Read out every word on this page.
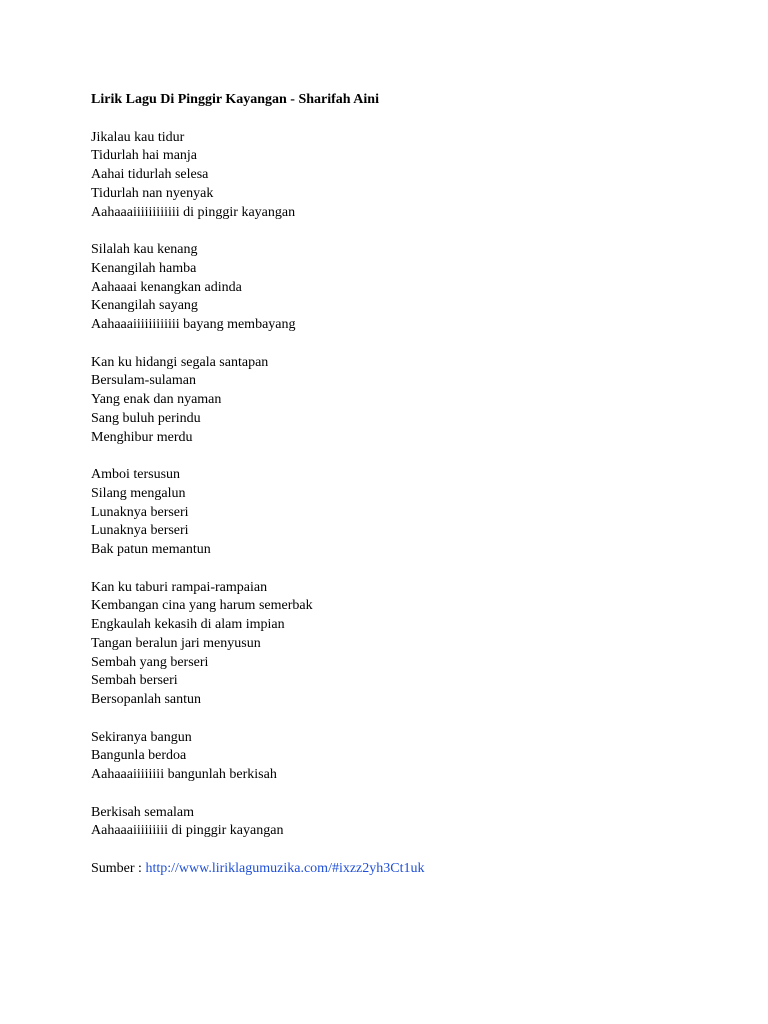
Lirik Lagu Di Pinggir Kayangan - Sharifah Aini
Jikalau kau tidur
Tidurlah hai manja
Aahai tidurlah selesa
Tidurlah nan nyenyak
Aahaaaiiiiiiiiiiii di pinggir kayangan
Silalah kau kenang
Kenangilah hamba
Aahaaai kenangkan adinda
Kenangilah sayang
Aahaaaiiiiiiiiiiii bayang membayang
Kan ku hidangi segala santapan
Bersulam-sulaman
Yang enak dan nyaman
Sang buluh perindu
Menghibur merdu
Amboi tersusun
Silang mengalun
Lunaknya berseri
Lunaknya berseri
Bak patun memantun
Kan ku taburi rampai-rampaian
Kembangan cina yang harum semerbak
Engkaulah kekasih di alam impian
Tangan beralun jari menyusun
Sembah yang berseri
Sembah berseri
Bersopanlah santun
Sekiranya bangun
Bangunla berdoa
Aahaaaiiiiiiii bangunlah berkisah
Berkisah semalam
Aahaaaiiiiiiiii di pinggir kayangan
Sumber : http://www.liriklagumuzika.com/#ixzz2yh3Ct1uk
